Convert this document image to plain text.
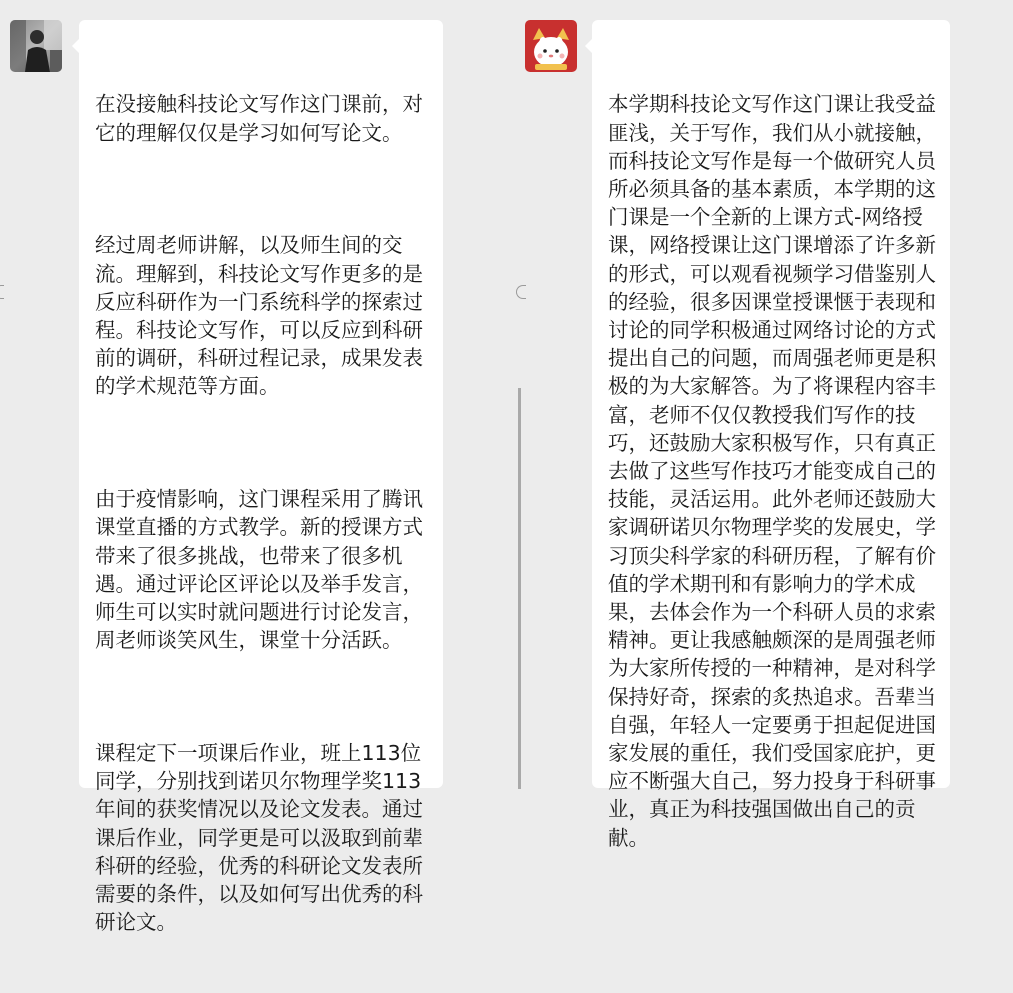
在没接触科技论文写作这门课前，对它的理解仅仅是学习如何写论文。

经过周老师讲解，以及师生间的交流。理解到，科技论文写作更多的是反应科研作为一门系统科学的探索过程。科技论文写作，可以反应到科研前的调研，科研过程记录，成果发表的学术规范等方面。

由于疫情影响，这门课程采用了腾讯课堂直播的方式教学。新的授课方式带来了很多挑战，也带来了很多机遇。通过评论区评论以及举手发言，师生可以实时就问题进行讨论发言，周老师谈笑风生，课堂十分活跃。

课程定下一项课后作业，班上113位同学，分别找到诺贝尔物理学奖113年间的获奖情况以及论文发表。通过课后作业，同学更是可以汲取到前辈科研的经验，优秀的科研论文发表所需要的条件，以及如何写出优秀的科研论文。

本学期科技论文写作这门课让我受益匪浅，关于写作，我们从小就接触，而科技论文写作是每一个做研究人员所必须具备的基本素质，本学期的这门课是一个全新的上课方式-网络授课，网络授课让这门课增添了许多新的形式，可以观看视频学习借鉴别人的经验，很多因课堂授课惬于表现和讨论的同学积极通过网络讨论的方式提出自己的问题，而周强老师更是积极的为大家解答。为了将课程内容丰富，老师不仅仅教授我们写作的技巧，还鼓励大家积极写作，只有真正去做了这些写作技巧才能变成自己的技能，灵活运用。此外老师还鼓励大家调研诺贝尔物理学奖的发展史，学习顶尖科学家的科研历程，了解有价值的学术期刊和有影响力的学术成果，去体会作为一个科研人员的求索精神。更让我感触颇深的是周强老师为大家所传授的一种精神，是对科学保持好奇，探索的炙热追求。吾辈当自强，年轻人一定要勇于担起促进国家发展的重任，我们受国家庇护，更应不断强大自己，努力投身于科研事业，真正为科技强国做出自己的贡献。
